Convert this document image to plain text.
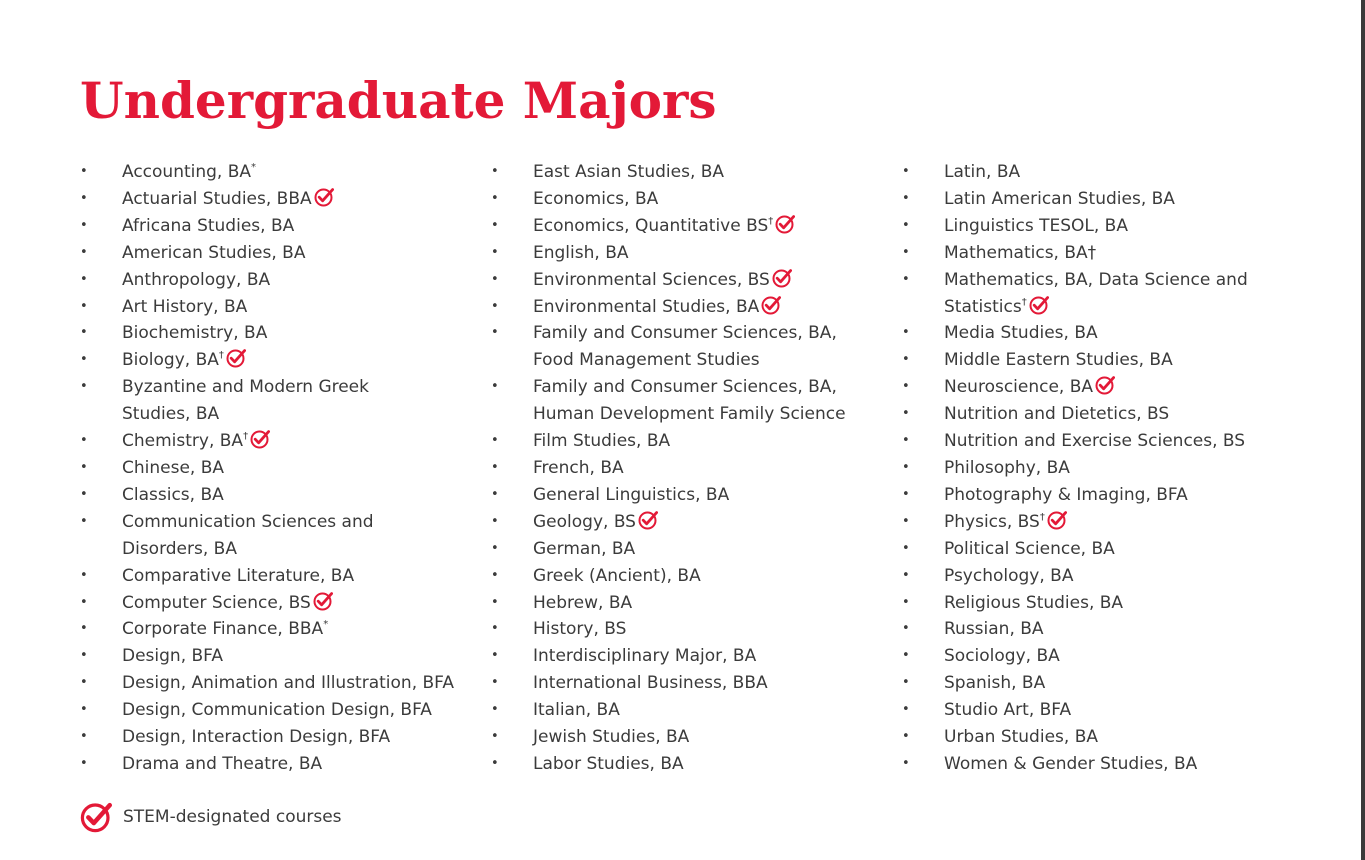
Undergraduate Majors
• Accounting, BA*
• Actuarial Studies, BBA
• Africana Studies, BA
• American Studies, BA
• Anthropology, BA
• Art History, BA
• Biochemistry, BA
• Biology, BA†
• Byzantine and Modern Greek
Studies, BA
• Chemistry, BA†
• Chinese, BA
• Classics, BA
• Communication Sciences and
Disorders, BA
• Comparative Literature, BA
• Computer Science, BS
• Corporate Finance, BBA*
• Design, BFA
• Design, Animation and Illustration, BFA
• Design, Communication Design, BFA
• Design, Interaction Design, BFA
• Drama and Theatre, BA
• East Asian Studies, BA
• Economics, BA
• Economics, Quantitative BS†
• English, BA
• Environmental Sciences, BS
• Environmental Studies, BA
• Family and Consumer Sciences, BA,
Food Management Studies
• Family and Consumer Sciences, BA,
Human Development Family Science
• Film Studies, BA
• French, BA
• General Linguistics, BA
• Geology, BS
• German, BA
• Greek (Ancient), BA
• Hebrew, BA
• History, BS
• Interdisciplinary Major, BA
• International Business, BBA
• Italian, BA
• Jewish Studies, BA
• Labor Studies, BA
• Latin, BA
• Latin American Studies, BA
• Linguistics TESOL, BA
• Mathematics, BA†
• Mathematics, BA, Data Science and
Statistics†
• Media Studies, BA
• Middle Eastern Studies, BA
• Neuroscience, BA
• Nutrition and Dietetics, BS
• Nutrition and Exercise Sciences, BS
• Philosophy, BA
• Photography & Imaging, BFA
• Physics, BS†
• Political Science, BA
• Psychology, BA
• Religious Studies, BA
• Russian, BA
• Sociology, BA
• Spanish, BA
• Studio Art, BFA
• Urban Studies, BA
• Women & Gender Studies, BA
STEM-designated courses
